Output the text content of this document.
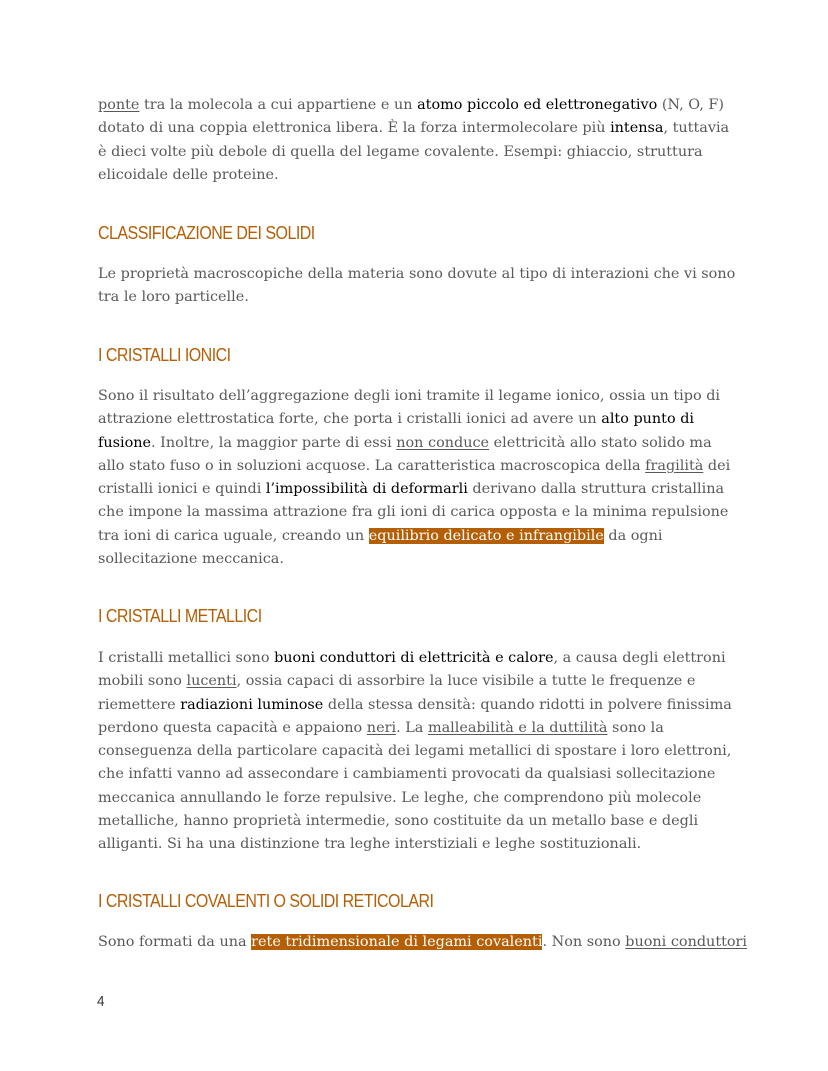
ponte tra la molecola a cui appartiene e un atomo piccolo ed elettronegativo (N, O, F) dotato di una coppia elettronica libera. È la forza intermolecolare più intensa, tuttavia è dieci volte più debole di quella del legame covalente. Esempi: ghiaccio, struttura elicoidale delle proteine.

CLASSIFICAZIONE DEI SOLIDI

Le proprietà macroscopiche della materia sono dovute al tipo di interazioni che vi sono tra le loro particelle.

I CRISTALLI IONICI

Sono il risultato dell’aggregazione degli ioni tramite il legame ionico, ossia un tipo di attrazione elettrostatica forte, che porta i cristalli ionici ad avere un alto punto di fusione. Inoltre, la maggior parte di essi non conduce elettricità allo stato solido ma allo stato fuso o in soluzioni acquose. La caratteristica macroscopica della fragilità dei cristalli ionici e quindi l’impossibilità di deformarli derivano dalla struttura cristallina che impone la massima attrazione fra gli ioni di carica opposta e la minima repulsione tra ioni di carica uguale, creando un equilibrio delicato e infrangibile da ogni sollecitazione meccanica.

I CRISTALLI METALLICI

I cristalli metallici sono buoni conduttori di elettricità e calore, a causa degli elettroni mobili sono lucenti, ossia capaci di assorbire la luce visibile a tutte le frequenze e riemettere radiazioni luminose della stessa densità: quando ridotti in polvere finissima perdono questa capacità e appaiono neri. La malleabilità e la duttilità sono la conseguenza della particolare capacità dei legami metallici di spostare i loro elettroni, che infatti vanno ad assecondare i cambiamenti provocati da qualsiasi sollecitazione meccanica annullando le forze repulsive. Le leghe, che comprendono più molecole metalliche, hanno proprietà intermedie, sono costituite da un metallo base e degli alliganti. Si ha una distinzione tra leghe interstiziali e leghe sostituzionali.

I CRISTALLI COVALENTI O SOLIDI RETICOLARI

Sono formati da una rete tridimensionale di legami covalenti. Non sono buoni conduttori

4
